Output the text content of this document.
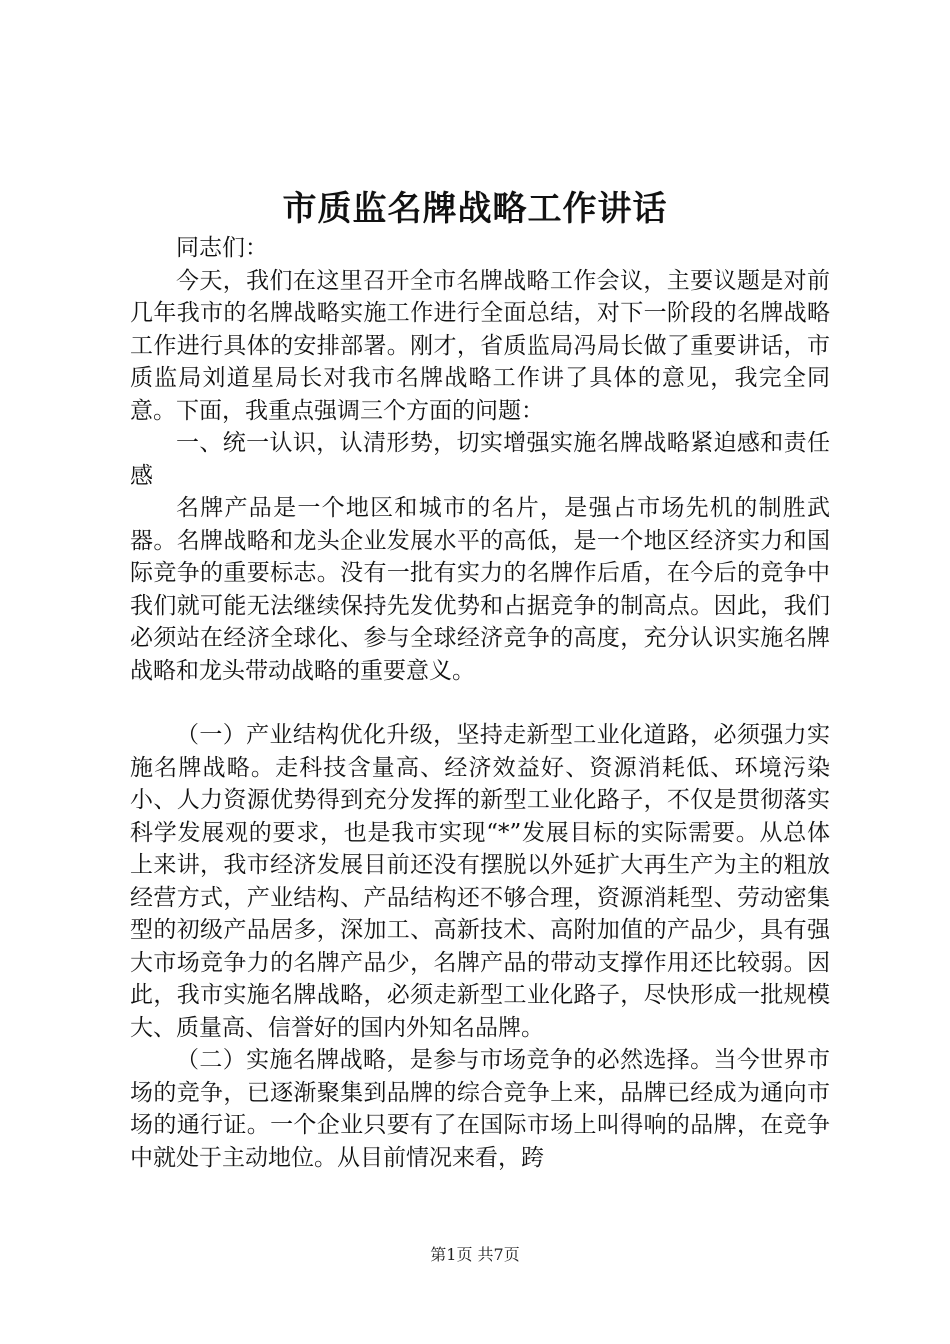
市质监名牌战略工作讲话

同志们：

今天，我们在这里召开全市名牌战略工作会议，主要议题是对前几年我市的名牌战略实施工作进行全面总结，对下一阶段的名牌战略工作进行具体的安排部署。刚才，省质监局冯局长做了重要讲话，市质监局刘道星局长对我市名牌战略工作讲了具体的意见，我完全同意。下面，我重点强调三个方面的问题：

一、统一认识，认清形势，切实增强实施名牌战略紧迫感和责任感

名牌产品是一个地区和城市的名片，是强占市场先机的制胜武器。名牌战略和龙头企业发展水平的高低，是一个地区经济实力和国际竞争的重要标志。没有一批有实力的名牌作后盾，在今后的竞争中我们就可能无法继续保持先发优势和占据竞争的制高点。因此，我们必须站在经济全球化、参与全球经济竞争的高度，充分认识实施名牌战略和龙头带动战略的重要意义。

（一）产业结构优化升级，坚持走新型工业化道路，必须强力实施名牌战略。走科技含量高、经济效益好、资源消耗低、环境污染小、人力资源优势得到充分发挥的新型工业化路子，不仅是贯彻落实科学发展观的要求，也是我市实现“*”发展目标的实际需要。从总体上来讲，我市经济发展目前还没有摆脱以外延扩大再生产为主的粗放经营方式，产业结构、产品结构还不够合理，资源消耗型、劳动密集型的初级产品居多，深加工、高新技术、高附加值的产品少，具有强大市场竞争力的名牌产品少，名牌产品的带动支撑作用还比较弱。因此，我市实施名牌战略，必须走新型工业化路子，尽快形成一批规模大、质量高、信誉好的国内外知名品牌。

（二）实施名牌战略，是参与市场竞争的必然选择。当今世界市场的竞争，已逐渐聚集到品牌的综合竞争上来，品牌已经成为通向市场的通行证。一个企业只要有了在国际市场上叫得响的品牌，在竞争中就处于主动地位。从目前情况来看，跨

第1页 共7页
